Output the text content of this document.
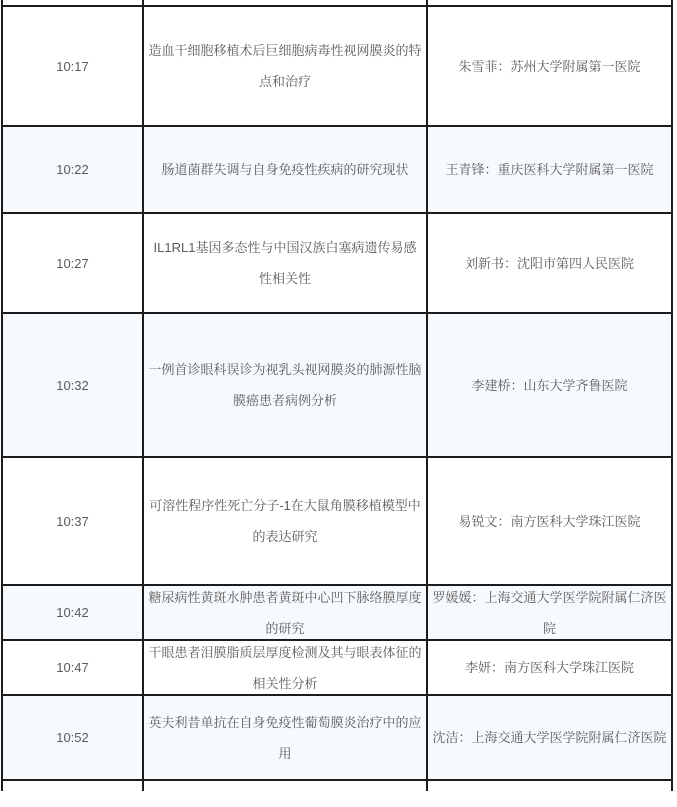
10:17
造血干细胞移植术后巨细胞病毒性视网膜炎的特点和治疗
朱雪菲：苏州大学附属第一医院
10:22	肠道菌群失调与自身免疫性疾病的研究现状	王青锋：重庆医科大学附属第一医院
10:27
IL1RL1基因多态性与中国汉族白塞病遗传易感性相关性
刘新书：沈阳市第四人民医院
10:32
一例首诊眼科误诊为视乳头视网膜炎的肺源性脑膜癌患者病例分析
李建桥：山东大学齐鲁医院
10:37
可溶性程序性死亡分子-1在大鼠角膜移植模型中的表达研究
易锐文：南方医科大学珠江医院
10:42
糖尿病性黄斑水肿患者黄斑中心凹下脉络膜厚度的研究
罗媛媛：上海交通大学医学院附属仁济医院
10:47
干眼患者泪膜脂质层厚度检测及其与眼表体征的相关性分析
李妍：南方医科大学珠江医院
10:52
英夫利昔单抗在自身免疫性葡萄膜炎治疗中的应用
沈洁：上海交通大学医学院附属仁济医院
